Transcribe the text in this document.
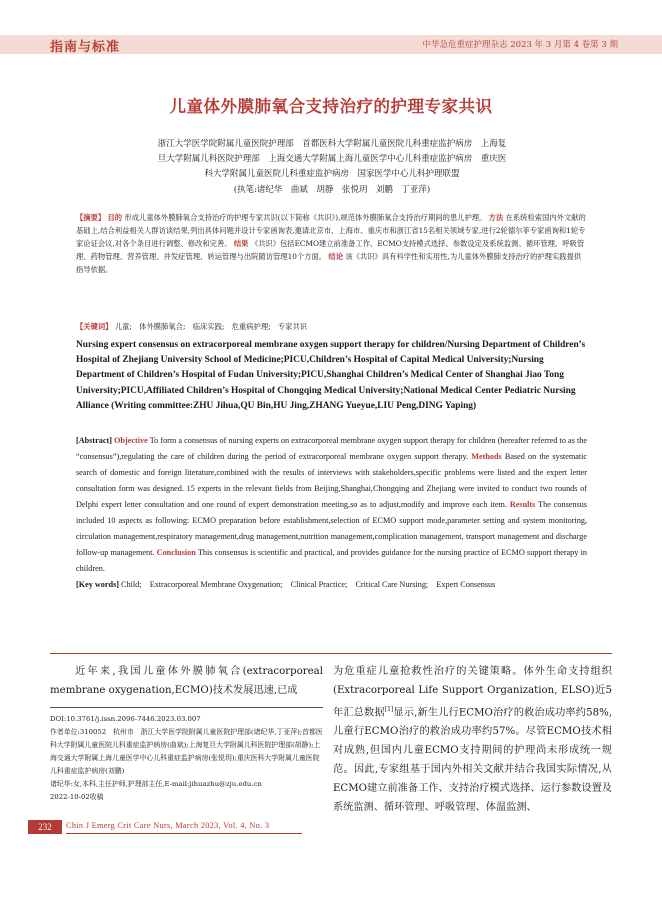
指南与标准	中华急危重症护理杂志 2023 年 3 月第 4 卷第 3 期
儿童体外膜肺氧合支持治疗的护理专家共识
浙江大学医学院附属儿童医院护理部　首都医科大学附属儿童医院儿科重症监护病房　上海复
旦大学附属儿科医院护理部　上海交通大学附属上海儿童医学中心儿科重症监护病房　重庆医
科大学附属儿童医院儿科重症监护病房　国家医学中心儿科护理联盟
(执笔:诸纪华　曲斌　胡静　张悦玥　刘鹏　丁亚萍)
【摘要】 目的 形成儿童体外膜肺氧合支持治疗的护理专家共识(以下简称《共识》),规范体外膜肺氧合支持治疗期间的患儿护理。 方法 在系统检索国内外文献的基础上,结合利益相关人群访谈结果,列出具体问题并设计专家函询表,邀请北京市、上海市、重庆市和浙江省15名相关领域专家,进行2轮德尔菲专家函询和1轮专家论证会议,对各个条目进行调整、修改和完善。 结果 《共识》包括ECMO建立前准备工作、ECMO支持模式选择、参数设定及系统监测、循环管理、呼吸管理、药物管理、营养管理、并发症管理、转运管理与出院随访管理10个方面。 结论 该《共识》具有科学性和实用性,为儿童体外膜肺支持治疗的护理实践提供指导依据。
【关键词】 儿童;　体外膜肺氧合;　临床实践;　危重病护理;　专家共识
Nursing expert consensus on extracorporeal membrane oxygen support therapy for children/Nursing Department of Children’s Hospital of Zhejiang University School of Medicine;PICU,Children’s Hospital of Capital Medical University;Nursing Department of Children’s Hospital of Fudan University;PICU,Shanghai Children’s Medical Center of Shanghai Jiao Tong University;PICU,Affiliated Children’s Hospital of Chongqing Medical University;National Medical Center Pediatric Nursing Alliance (Writing committee:ZHU Jihua,QU Bin,HU Jing,ZHANG Yueyue,LIU Peng,DING Yaping)
[Abstract] Objective To form a consensus of nursing experts on extracorporeal membrane oxygen support therapy for children (hereafter referred to as the “consensus”),regulating the care of children during the period of extracorporeal membrane oxygen support therapy. Methods Based on the systematic search of domestic and foreign literature,combined with the results of interviews with stakeholders,specific problems were listed and the expert letter consultation form was designed. 15 experts in the relevant fields from Beijing,Shanghai,Chongqing and Zhejiang were invited to conduct two rounds of Delphi expert letter consultation and one round of expert demonstration meeting,so as to adjust,modify and improve each item. Results The consensus included 10 aspects as following: ECMO preparation before establishment,selection of ECMO support mode,parameter setting and system monitoring, circulation management,respiratory management,drug management,nutrition management,complication management, transport management and discharge follow-up management. Conclusion This consensus is scientific and practical, and provides guidance for the nursing practice of ECMO support therapy in children.
[Key words] Child;　Extracorporeal Membrane Oxygenation;　Clinical Practice;　Critical Care Nursing;　Expert Consensus
　　近年来,我国儿童体外膜肺氧合(extracorporeal membrane oxygenation,ECMO)技术发展迅速,已成
为危重症儿童抢救性治疗的关键策略。体外生命支持组织(Extracorporeal Life Support Organization, ELSO)近5年汇总数据[1]显示,新生儿行ECMO治疗的救治成功率约58%,儿童行ECMO治疗的救治成功率约57%。尽管ECMO技术相对成熟,但国内儿童ECMO支持期间的护理尚未形成统一规范。因此,专家组基于国内外相关文献并结合我国实际情况,从ECMO建立前准备工作、支持治疗模式选择、运行参数设置及系统监测、循环管理、呼吸管理、体温监测、
DOI:10.3761/j.issn.2096-7446.2023.03.007
作者单位:310052　杭州市　浙江大学医学院附属儿童医院护理部(诸纪华,丁亚萍);首都医科大学附属儿童医院儿科重症监护病房(曲斌);上海复旦大学附属儿科医院护理部(胡静);上海交通大学附属上海儿童医学中心儿科重症监护病房(张悦玥);重庆医科大学附属儿童医院儿科重症监护病房(刘鹏)
诸纪华:女,本科,主任护师,护理部主任,E-mail:jihuazhu@zju.edu.cn
2022-10-02收稿
232	Chin J Emerg Crit Care Nurs, March 2023, Vol. 4, No. 3
